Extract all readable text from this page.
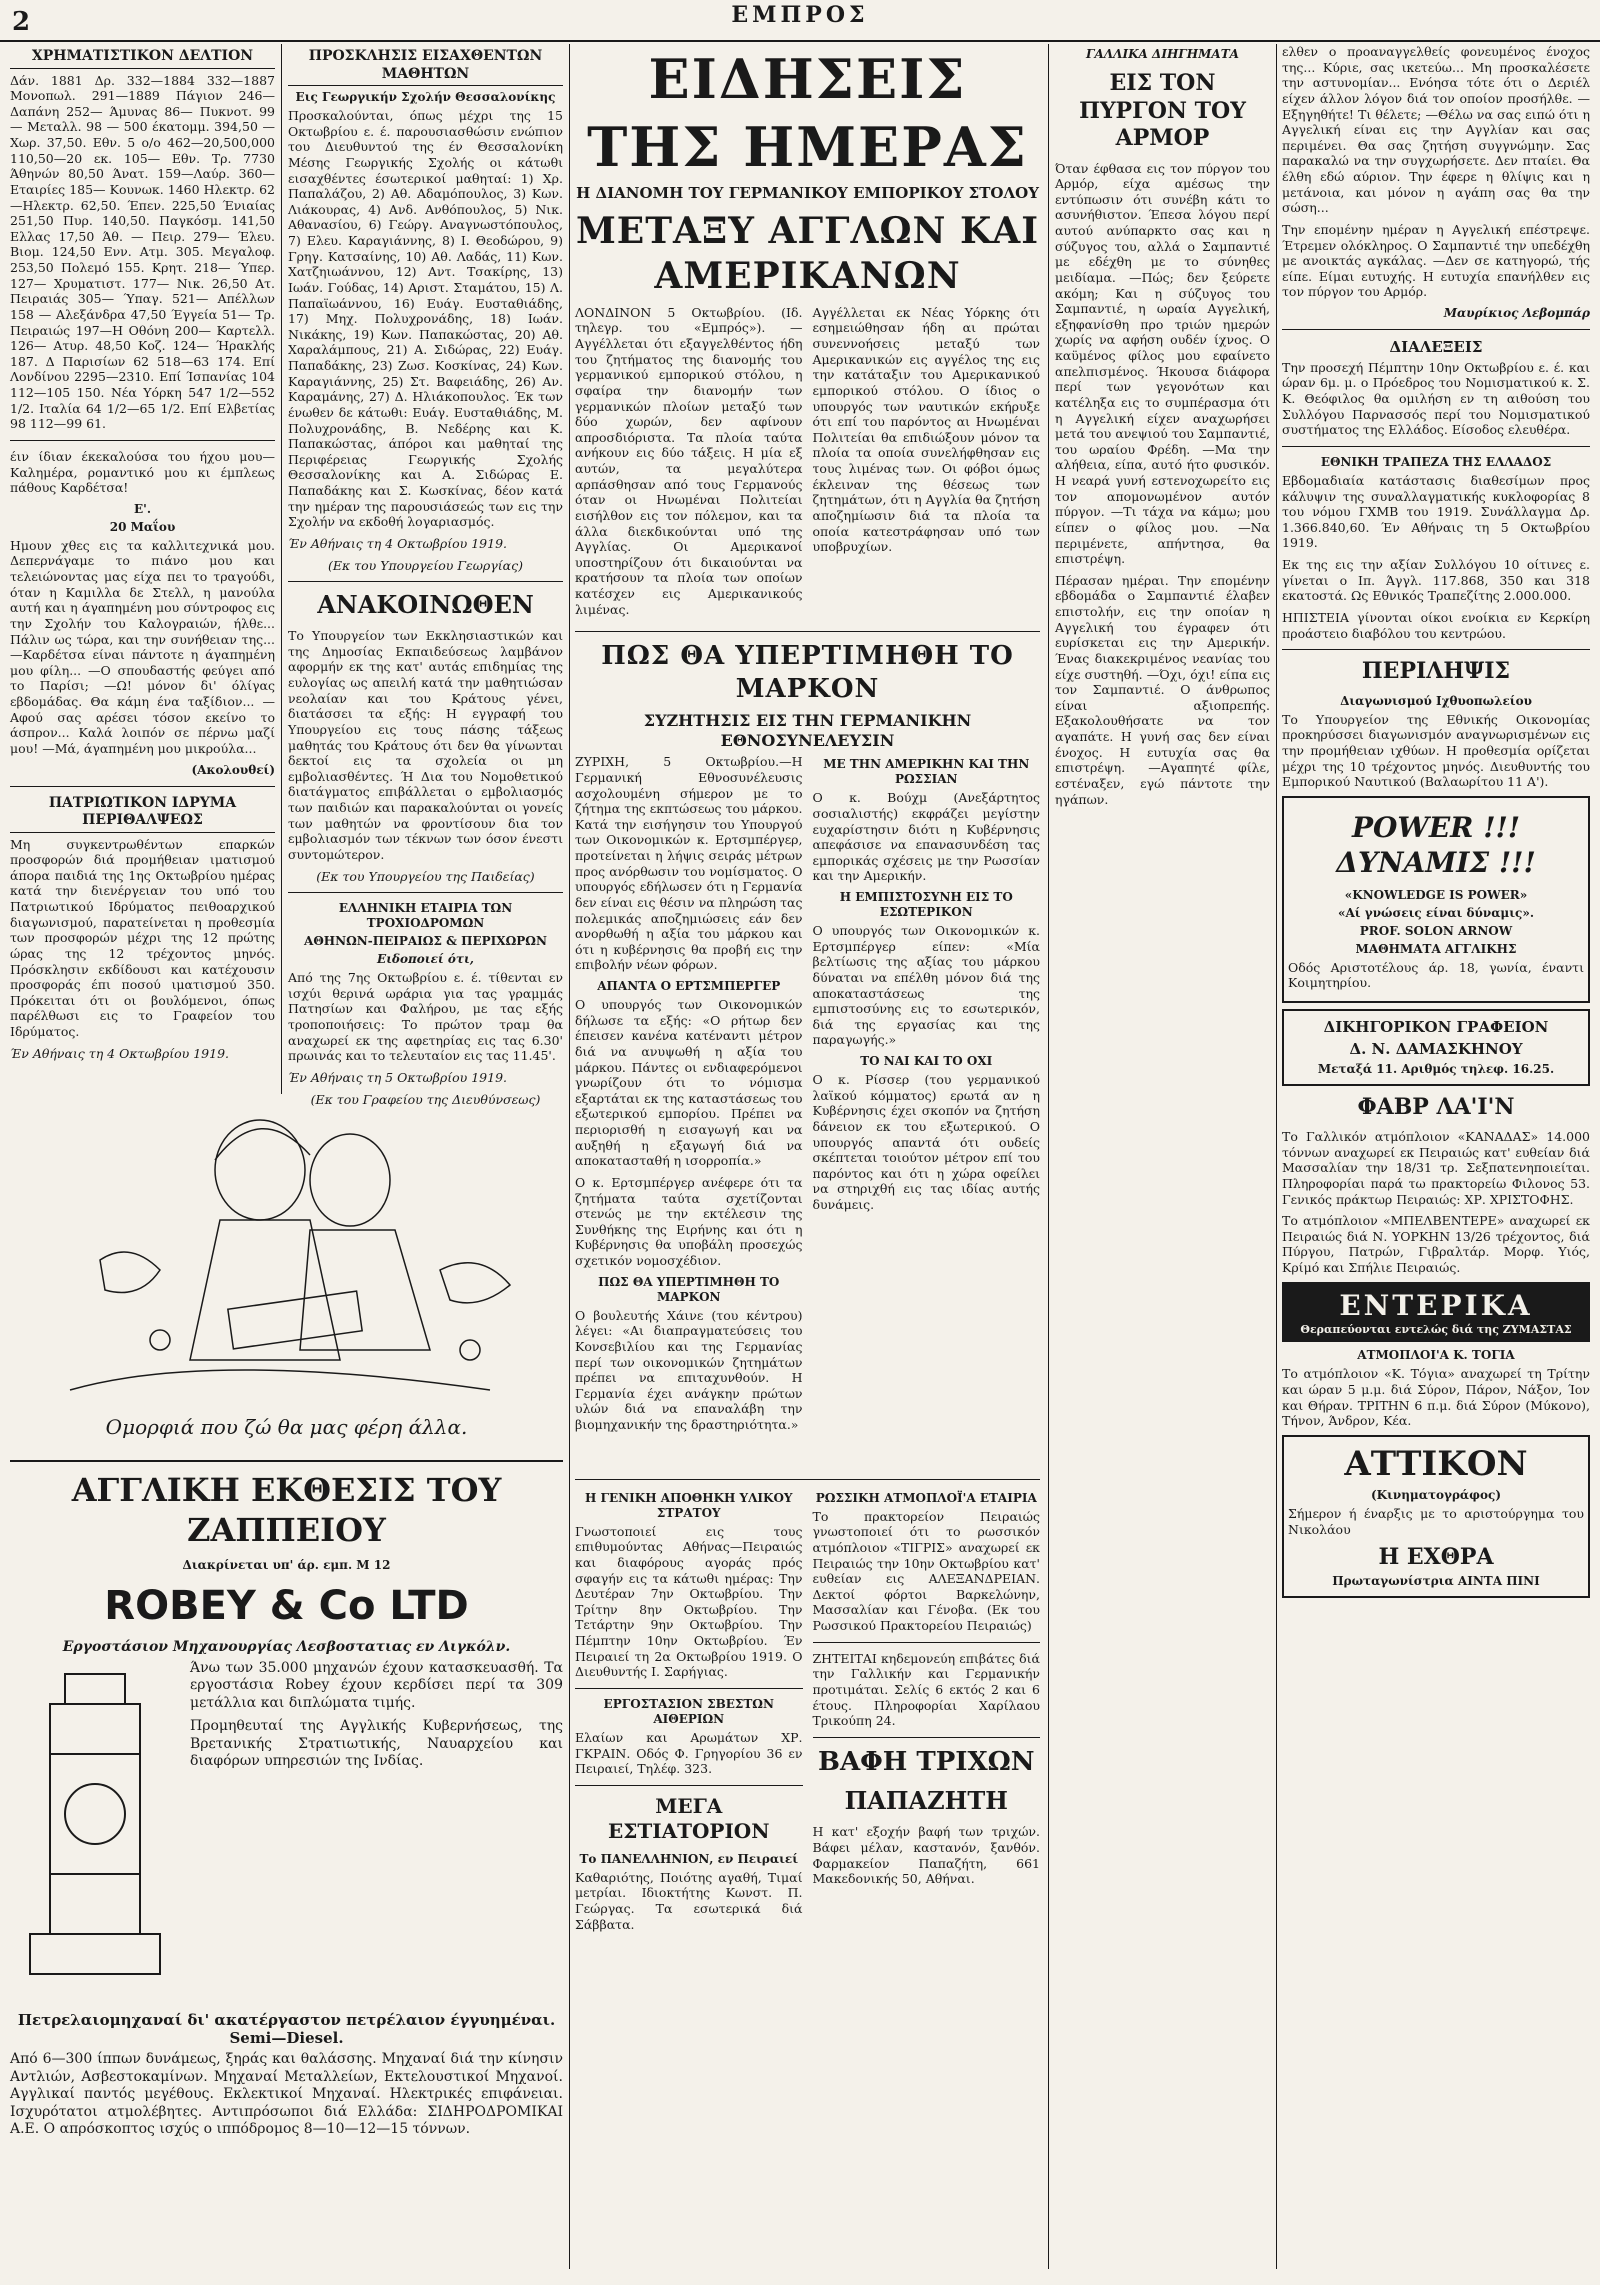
2	ΕΜΠΡΟΣ
ΧΡΗΜΑΤΙΣΤΙΚΟΝ ΔΕΛΤΙΟΝ

Δάν. 1881 Δρ. 332—1884 332—1887 Μονοπωλ. 291—1889 Πάγιον 246— Δαπάνη 252— Άμυνας 86— Πυκνοτ. 99 — Μεταλλ. 98 — 500 έκατομμ. 394,50 —Χωρ. 37,50. Εθν. 5 ο/ο 462—20,500,000 110,50—20 εκ. 105— Εθν. Τρ. 7730 Άθηνών 80,50 Άνατ. 159—Λαύρ. 360— Εταιρίες 185— Κουνωκ. 1460 Ηλεκτρ. 62—Ηλεκτρ. 62,50. Έπεν. 225,50 Ένιαίας 251,50 Πυρ. 140,50. Παγκόσμ. 141,50 Ελλας 17,50 Άθ. — Πειρ. 279— Έλευ. Βιομ. 124,50 Ενν. Ατμ. 305. Μεγαλοφ. 253,50 Πολεμό 155. Κρητ. 218— Ύπερ. 127— Χρυματιστ. 177— Νικ. 26,50 Ατ. Πειραιάς 305— Ύπαγ. 521— Απέλλων 158 — Αλεξάνδρα 47,50 Έγγεία 51— Τρ. Πειραιώς 197—Η Οθόνη 200— Καρτελλ. 126— Ατυρ. 48,50 Κοζ. 124— Ήρακλής 187. Δ Παρισίων 62 518—63 174. Επί Λονδίνου 2295—2310. Επί Ίσπανίας 104 112—105 150. Νέα Υόρκη 547 1/2—552 1/2. Ιταλία 64 1/2—65 1/2. Επί Ελβετίας 98 112—99 61.

έιν ίδιαν έκεκαλούσα του ήχου μου—Καλημέρα, ρομαντικό μου κι έμπλεως πάθους Καρδέτσα!

Ε'.
20 Μαΐου

Ημουν χθες εις τα καλλιτεχνικά μου. Δεπερνάγαμε το πιάνο μου και τελειώνοντας μας είχα πει το τραγούδι, όταν η Καμιλλα δε Στελλ, η μανούλα αυτή και η άγαπημένη μου σύντροφος εις την Σχολήν του Καλογραιών, ήλθε... Πάλιν ως τώρα, και την συνήθειαν της... —Καρδέτσα είναι πάντοτε η άγαπημένη μου φίλη... —Ο σπουδαστής φεύγει από το Παρίσι; —Ω! μόνον δι' όλίγας εβδομάδας. Θα κάμη ένα ταξίδιον... —Αφού σας αρέσει τόσον εκείνο το άσπρον... Καλά λοιπόν σε πέρνω μαζί μου! —Μά, άγαπημένη μου μικρούλα...

(Ακολουθεί)
ΠΑΤΡΙΩΤΙΚΟΝ ΙΔΡΥΜΑ ΠΕΡΙΘΑΛΨΕΩΣ

Μη συγκεντρωθέντων επαρκών προσφορών διά προμήθειαν ιματισμού άπορα παιδιά της 1ης Οκτωβρίου ημέρας κατά την διενέργειαν του υπό του Πατριωτικού Ιδρύματος πειθοαρχικού διαγωνισμού, παρατείνεται η προθεσμία των προσφορών μέχρι της 12 πρώτης ώρας της 12 τρέχοντος μηνός. Πρόσκλησιν εκδίδουσι και κατέχουσιν προσφοράς έπι ποσού ιματισμού 350. Πρόκειται ότι οι βουλόμενοι, όπως παρέλθωσι εις το Γραφείον του Ιδρύματος.

Έν Αθήναις τη 4 Οκτωβρίου 1919.

ΠΡΟΣΚΛΗΣΙΣ ΕΙΣΑΧΘΕΝΤΩΝ ΜΑΘΗΤΩΝ
Εις Γεωργικήν Σχολήν Θεσσαλονίκης

Προσκαλούνται, όπως μέχρι της 15 Οκτωβρίου ε. έ. παρουσιασθώσιν ενώπιον του Διευθυντού της έν Θεσσαλονίκη Μέσης Γεωργικής Σχολής οι κάτωθι εισαχθέντες έσωτερικοί μαθηταί: 1) Χρ. Παπαλάζου, 2) Αθ. Αδαμόπουλος, 3) Κων. Λιάκουρας, 4) Ανδ. Ανθόπουλος, 5) Νικ. Αθανασίου, 6) Γεώργ. Αναγνωστόπουλος, 7) Ελευ. Καραγιάννης, 8) Ι. Θεοδώρου, 9) Γρηγ. Κατσαίνης, 10) Αθ. Λαδάς, 11) Κων. Χατζηιωάννου, 12) Αντ. Τσακίρης, 13) Ιωάν. Γούδας, 14) Αριστ. Σταμάτου, 15) Λ. Παπαϊωάννου, 16) Ευάγ. Ευσταθιάδης, 17) Μηχ. Πολυχρονάδης, 18) Ιωάν. Νικάκης, 19) Κων. Παπακώστας, 20) Αθ. Χαραλάμπους, 21) Α. Σιδώρας, 22) Ευάγ. Παπαδάκης, 23) Ζωσ. Κοσκίνας, 24) Κων. Καραγιάννης, 25) Στ. Βαφειάδης, 26) Αν. Καραμάνης, 27) Δ. Ηλιάκοπουλος. Έκ των ένωθεν δε κάτωθι: Ευάγ. Ευσταθιάδης, Μ. Πολυχρονάδης, Β. Νεδέρης και Κ. Παπακώστας, άπόροι και μαθηταί της Περιφέρειας Γεωργικής Σχολής Θεσσαλονίκης και Α. Σιδώρας Ε. Παπαδάκης και Σ. Κωσκίνας, δέον κατά την ημέραν της παρουσιάσεώς των εις την Σχολήν να εκδοθή λογαριασμός.

Έν Αθήναις τη 4 Οκτωβρίου 1919.

(Εκ του Υπουργείου Γεωργίας)

ΑΝΑΚΟΙΝΩΘΕΝ

Το Υπουργείον των Εκκλησιαστικών και της Δημοσίας Εκπαιδεύσεως λαμβάνον αφορμήν εκ της κατ' αυτάς επιδημίας της ευλογίας ως απειλή κατά την μαθητιώσαν νεολαίαν και του Κράτους γένει, διατάσσει τα εξής: Η εγγραφή του Υπουργείου εις τους πάσης τάξεως μαθητάς του Κράτους ότι δεν θα γίνωνται δεκτοί εις τα σχολεία οι μη εμβολιασθέντες. Ή Δια του Νομοθετικού διατάγματος επιβάλλεται ο εμβολιασμός των παιδιών και παρακαλούνται οι γονείς των μαθητών να φροντίσουν δια τον εμβολιασμόν των τέκνων των όσον ένεστι συντομώτερον.

(Εκ του Υπουργείου της Παιδείας)

ΕΛΛΗΝΙΚΗ ΕΤΑΙΡΙΑ ΤΩΝ ΤΡΟΧΙΟΔΡΟΜΩΝ
ΑΘΗΝΩΝ-ΠΕΙΡΑΙΩΣ & ΠΕΡΙΧΩΡΩΝ
Ειδοποιεί ότι,

Από της 7ης Οκτωβρίου ε. έ. τίθενται εν ισχύι θερινά ωράρια για τας γραμμάς Πατησίων και Φαλήρου, με τας εξής τροποποιήσεις: Το πρώτον τραμ θα αναχωρεί εκ της αφετηρίας εις τας 6.30' πρωινάς και το τελευταίον εις τας 11.45'.

Έν Αθήναις τη 5 Οκτωβρίου 1919.

(Εκ του Γραφείου της Διευθύνσεως)

Ομορφιά που ζώ θα μας φέρη άλλα.
ΑΓΓΛΙΚΗ ΕΚΘΕΣΙΣ ΤΟΥ ΖΑΠΠΕΙΟΥ
Διακρίνεται υπ' άρ. εμπ. Μ 12
ROBEY & Co LTD
Εργοστάσιον Μηχανουργίας Λεσβοστατιας εν Λιγκόλν.

Άνω των 35.000 μηχανών έχουν κατασκευασθή. Τα εργοστάσια Robey έχουν κερδίσει περί τα 309 μετάλλια και διπλώματα τιμής.

Προμηθευταί της Αγγλικής Κυβερνήσεως, της Βρετανικής Στρατιωτικής, Ναυαρχείου και διαφόρων υπηρεσιών της Ινδίας.

Πετρελαιομηχαναί δι' ακατέργαστον πετρέλαιον έγγυημέναι. Semi—Diesel.

Από 6—300 ίππων δυνάμεως, ξηράς και θαλάσσης. Μηχαναί διά την κίνησιν Αντλιών, Ασβεστοκαμίνων. Μηχαναί Μεταλλείων, Εκτελουστικοί Μηχανοί. Αγγλικαί παντός μεγέθους. Εκλεκτικοί Μηχαναί. Ηλεκτρικές επιφάνειαι. Ισχυρότατοι ατμολέβητες. Αντιπρόσωποι διά Ελλάδα: ΣΙΔΗΡΟΔΡΟΜΙΚΑΙ Α.Ε. Ο απρόσκοπτος ισχύς ο ιππόδρομος 8—10—12—15 τόννων.

ΕΙΔΗΣΕΙΣ ΤΗΣ ΗΜΕΡΑΣ
Η ΔΙΑΝΟΜΗ ΤΟΥ ΓΕΡΜΑΝΙΚΟΥ ΕΜΠΟΡΙΚΟΥ ΣΤΟΛΟΥ
ΜΕΤΑΞΥ ΑΓΓΛΩΝ ΚΑΙ ΑΜΕΡΙΚΑΝΩΝ

ΛΟΝΔΙΝΟΝ 5 Οκτωβρίου. (Ιδ. τηλεγρ. του «Εμπρός»). — Αγγέλλεται ότι εξαγγελθέντος ήδη του ζητήματος της διανομής του γερμανικού εμπορικού στόλου, η σφαίρα την διανομήν των γερμανικών πλοίων μεταξύ των δύο χωρών, δεν αφίνουν απροσδιόριστα. Τα πλοία ταύτα ανήκουν εις δύο τάξεις. Η μία εξ αυτών, τα μεγαλύτερα αρπάσθησαν από τους Γερμανούς όταν οι Ηνωμέναι Πολιτείαι εισήλθον εις τον πόλεμον, και τα άλλα διεκδικούνται υπό της Αγγλίας. Οι Αμερικανοί υποστηρίζουν ότι δικαιούνται να κρατήσουν τα πλοία των οποίων κατέσχεν εις Αμερικανικούς λιμένας.

Αγγέλλεται εκ Νέας Υόρκης ότι εσημειώθησαν ήδη αι πρώται συνεννοήσεις μεταξύ των Αμερικανικών εις αγγέλος της εις την κατάταξιν του Αμερικανικού εμπορικού στόλου. Ο ίδιος ο υπουργός των ναυτικών εκήρυξε ότι επί του παρόντος αι Ηνωμέναι Πολιτείαι θα επιδιώξουν μόνον τα πλοία τα οποία συνελήφθησαν εις τους λιμένας των. Οι φόβοι όμως έκλειναν της θέσεως των ζητημάτων, ότι η Αγγλία θα ζητήση αποζημίωσιν διά τα πλοία τα οποία κατεστράφησαν υπό των υποβρυχίων.

ΠΩΣ ΘΑ ΥΠΕΡΤΙΜΗΘΗ ΤΟ ΜΑΡΚΟΝ
ΣΥΖΗΤΗΣΙΣ ΕΙΣ ΤΗΝ ΓΕΡΜΑΝΙΚΗΝ ΕΘΝΟΣΥΝΕΛΕΥΣΙΝ

ΖΥΡΙΧΗ, 5 Οκτωβρίου.—Η Γερμανική Εθνοσυνέλευσις ασχολουμένη σήμερον με το ζήτημα της εκπτώσεως του μάρκου. Κατά την εισήγησιν του Υπουργού των Οικονομικών κ. Ερτσμπέργερ, προτείνεται η λήψις σειράς μέτρων προς ανόρθωσιν του νομίσματος. Ο υπουργός εδήλωσεν ότι η Γερμανία δεν είναι εις θέσιν να πληρώση τας πολεμικάς αποζημιώσεις εάν δεν ανορθωθή η αξία του μάρκου και ότι η κυβέρνησις θα προβή εις την επιβολήν νέων φόρων.

ΑΠΑΝΤΑ Ο ΕΡΤΣΜΠΕΡΓΕΡ

Ο υπουργός των Οικονομικών δήλωσε τα εξής: «Ο ρήτωρ δεν έπεισεν κανένα κατέναντι μέτρον διά να ανυψωθή η αξία του μάρκου. Πάντες οι ενδιαφερόμενοι γνωρίζουν ότι το νόμισμα εξαρτάται εκ της καταστάσεως του εξωτερικού εμπορίου. Πρέπει να περιορισθή η εισαγωγή και να αυξηθή η εξαγωγή διά να αποκατασταθή η ισορροπία.»

Ο κ. Ερτσμπέργερ ανέφερε ότι τα ζητήματα ταύτα σχετίζονται στενώς με την εκτέλεσιν της Συνθήκης της Ειρήνης και ότι η Κυβέρνησις θα υποβάλη προσεχώς σχετικόν νομοσχέδιον.

ΠΩΣ ΘΑ ΥΠΕΡΤΙΜΗΘΗ ΤΟ ΜΑΡΚΟΝ

Ο βουλευτής Χάινε (του κέντρου) λέγει: «Αι διαπραγματεύσεις του Κονσεβιλίου και της Γερμανίας περί των οικονομικών ζητημάτων πρέπει να επιταχυνθούν. Η Γερμανία έχει ανάγκην πρώτων υλών διά να επαναλάβη την βιομηχανικήν της δραστηριότητα.»

ΜΕ ΤΗΝ ΑΜΕΡΙΚΗΝ ΚΑΙ ΤΗΝ ΡΩΣΣΙΑΝ

Ο κ. Βούχμ (Ανεξάρτητος σοσιαλιστής) εκφράζει μεγίστην ευχαρίστησιν διότι η Κυβέρνησις απεφάσισε να επανασυνδέση τας εμπορικάς σχέσεις με την Ρωσσίαν και την Αμερικήν.

Η ΕΜΠΙΣΤΟΣΥΝΗ ΕΙΣ ΤΟ ΕΣΩΤΕΡΙΚΟΝ

Ο υπουργός των Οικονομικών κ. Ερτσμπέργερ είπεν: «Μία βελτίωσις της αξίας του μάρκου δύναται να επέλθη μόνον διά της αποκαταστάσεως της εμπιστοσύνης εις το εσωτερικόν, διά της εργασίας και της παραγωγής.»

ΤΟ ΝΑΙ ΚΑΙ ΤΟ ΟΧΙ

Ο κ. Ρίσσερ (του γερμανικού λαϊκού κόμματος) ερωτά αν η Κυβέρνησις έχει σκοπόν να ζητήση δάνειον εκ του εξωτερικού. Ο υπουργός απαντά ότι ουδείς σκέπτεται τοιούτον μέτρον επί του παρόντος και ότι η χώρα οφείλει να στηριχθή εις τας ιδίας αυτής δυνάμεις.

Η ΓΕΝΙΚΗ ΑΠΟΘΗΚΗ ΥΛΙΚΟΥ ΣΤΡΑΤΟΥ

Γνωστοποιεί εις τους επιθυμούντας Αθήνας—Πειραιώς και διαφόρους αγοράς πρός σφαγήν εις τα κάτωθι ημέρας: Την Δευτέραν 7ην Οκτωβρίου. Την Τρίτην 8ην Οκτωβρίου. Την Τετάρτην 9ην Οκτωβρίου. Την Πέμπτην 10ην Οκτωβρίου. Έν Πειραιεί τη 2α Οκτωβρίου 1919. Ο Διευθυντής Ι. Σαρήγιας.

ΕΡΓΟΣΤΑΣΙΟΝ ΣΒΕΣΤΩΝ ΑΙΘΕΡΙΩΝ

Ελαίων και Αρωμάτων ΧΡ. ΓΚΡΑΙΝ. Οδός Φ. Γρηγορίου 36 εν Πειραιεί, Τηλέφ. 323.

ΜΕΓΑ ΕΣΤΙΑΤΟΡΙΟΝ
Το ΠΑΝΕΛΛΗΝΙΟΝ, εν Πειραιεί

Καθαριότης, Ποιότης αγαθή, Τιμαί μετρίαι. Ιδιοκτήτης Κωνστ. Π. Γεώργας. Τα εσωτερικά διά Σάββατα.

ΡΩΣΣΙΚΗ ΑΤΜΟΠΛΟΪ'Α ΕΤΑΙΡΙΑ

Το πρακτορείον Πειραιώς γνωστοποιεί ότι το ρωσσικόν ατμόπλοιον «ΤΙΓΡΙΣ» αναχωρεί εκ Πειραιώς την 10ην Οκτωβρίου κατ' ευθείαν εις ΑΛΕΞΑΝΔΡΕΙΑΝ. Δεκτοί φόρτοι Βαρκελώνην, Μασσαλίαν και Γένοβα. (Εκ του Ρωσσικού Πρακτορείου Πειραιώς)

ΖΗΤΕΙΤΑΙ κηδεμονεύη επιβάτες διά την Γαλλικήν και Γερμανικήν προτιμάται. Σελίς 6 εκτός 2 και 6 έτους. Πληροφορίαι Χαρίλαου Τρικούπη 24.

ΒΑΦΗ ΤΡΙΧΩΝ
ΠΑΠΑΖΗΤΗ

Η κατ' εξοχήν βαφή των τριχών. Βάφει μέλαν, καστανόν, ξανθόν. Φαρμακείον Παπαζήτη, 661 Μακεδονικής 50, Αθήναι.

ΓΑΛΛΙΚΑ ΔΙΗΓΗΜΑΤΑ
ΕΙΣ ΤΟΝ ΠΥΡΓΟΝ ΤΟΥ ΑΡΜΟΡ

Όταν έφθασα εις τον πύργον του Αρμόρ, είχα αμέσως την εντύπωσιν ότι συνέβη κάτι το ασυνήθιστον. Έπεσα λόγου περί αυτού ανύπαρκτο σας και η σύζυγος του, αλλά ο Σαμπαντιέ με εδέχθη με το σύνηθες μειδίαμα. —Πώς; δεν ξεύρετε ακόμη; Και η σύζυγος του Σαμπαντιέ, η ωραία Αγγελική, εξηφανίσθη προ τριών ημερών χωρίς να αφήση ουδέν ίχνος. Ο καϋμένος φίλος μου εφαίνετο απελπισμένος. Ήκουσα διάφορα περί των γεγονότων και κατέληξα εις το συμπέρασμα ότι η Αγγελική είχεν αναχωρήσει μετά του ανεψιού του Σαμπαντιέ, του ωραίου Φρέδη. —Μα την αλήθεια, είπα, αυτό ήτο φυσικόν. Η νεαρά γυνή εστενοχωρείτο εις τον απομονωμένον αυτόν πύργον. —Τι τάχα να κάμω; μου είπεν ο φίλος μου. —Να περιμένετε, απήντησα, θα επιστρέψη.

Πέρασαν ημέραι. Την επομένην εβδομάδα ο Σαμπαντιέ έλαβεν επιστολήν, εις την οποίαν η Αγγελική του έγραφεν ότι ευρίσκεται εις την Αμερικήν. Ένας διακεκριμένος νεανίας του είχε συστηθή. —Όχι, όχι! είπα εις τον Σαμπαντιέ. Ο άνθρωπος είναι αξιοπρεπής. Εξακολουθήσατε να τον αγαπάτε. Η γυνή σας δεν είναι ένοχος. Η ευτυχία σας θα επιστρέψη. —Αγαπητέ φίλε, εστέναξεν, εγώ πάντοτε την ηγάπων.

ελθεν ο προαναγγελθείς φονευμένος ένοχος της... Κύριε, σας ικετεύω... Μη προσκαλέσετε την αστυνομίαν... Ενόησα τότε ότι ο Δεριέλ είχεν άλλον λόγον διά τον οποίον προσήλθε. —Εξηγηθήτε! Τι θέλετε; —Θέλω να σας ειπώ ότι η Αγγελική είναι εις την Αγγλίαν και σας περιμένει. Θα σας ζητήση συγγνώμην. Σας παρακαλώ να την συγχωρήσετε. Δεν πταίει. Θα έλθη εδώ αύριον. Την έφερε η θλίψις και η μετάνοια, και μόνον η αγάπη σας θα την σώση...

Την επομένην ημέραν η Αγγελική επέστρεψε. Έτρεμεν ολόκληρος. Ο Σαμπαντιέ την υπεδέχθη με ανοικτάς αγκάλας. —Δεν σε κατηγορώ, τής είπε. Είμαι ευτυχής. Η ευτυχία επανήλθεν εις τον πύργον του Αρμόρ.

Μαυρίκιος Λεβομπάρ
ΔΙΑΛΕΞΕΙΣ

Την προσεχή Πέμπτην 10ην Οκτωβρίου ε. έ. και ώραν 6μ. μ. ο Πρόεδρος του Νομισματικού κ. Σ. Κ. Θεόφιλος θα ομιλήση εν τη αιθούση του Συλλόγου Παρνασσός περί του Νομισματικού συστήματος της Ελλάδος. Είσοδος ελευθέρα.

ΕΘΝΙΚΗ ΤΡΑΠΕΖΑ ΤΗΣ ΕΛΛΑΔΟΣ

Εβδομαδιαία κατάστασις διαθεσίμων προς κάλυψιν της συναλλαγματικής κυκλοφορίας 8 του νόμου ΓΧΜΒ του 1919. Συνάλλαγμα Δρ. 1.366.840,60. Έν Αθήναις τη 5 Οκτωβρίου 1919.

Εκ της εις την αξίαν Συλλόγου 10 οίτινες ε. γίνεται ο Ιπ. Άγγλ. 117.868, 350 και 318 εκατοστά. Ως Εθνικός Τραπεζίτης 2.000.000.

ΗΠΙΣΤΕΙΑ γίνονται οίκοι ενοίκια εν Κερκίρη προάστειο διαβόλου του κεντρώου.

ΠΕΡΙΛΗΨΙΣ
Διαγωνισμού Ιχθυοπωλείου

Το Υπουργείον της Εθνικής Οικονομίας προκηρύσσει διαγωνισμόν αναγνωρισμένων εις την προμήθειαν ιχθύων. Η προθεσμία ορίζεται μέχρι της 10 τρέχοντος μηνός. Διευθυντής του Εμπορικού Ναυτικού (Βαλαωρίτου 11 Α').

POWER !!! ΔΥΝΑΜΙΣ !!!
«KNOWLEDGE IS POWER»
«Αί γνώσεις είναι δύναμις».
PROF. SOLON ARNOW
ΜΑΘΗΜΑΤΑ ΑΓΓΛΙΚΗΣ

Οδός Αριστοτέλους άρ. 18, γωνία, έναντι Κοιμητηρίου.

ΔΙΚΗΓΟΡΙΚΟΝ ΓΡΑΦΕΙΟΝ
Δ. Ν. ΔΑΜΑΣΚΗΝΟΥ
Μεταξά 11. Αριθμός τηλεφ. 16.25.
ΦΑΒΡ ΛΑ'Ι'Ν

Το Γαλλικόν ατμόπλοιον «ΚΑΝΑΔΑΣ» 14.000 τόννων αναχωρεί εκ Πειραιώς κατ' ευθείαν διά Μασσαλίαν την 18/31 τρ. Σεξπατενηποιείται. Πληροφορίαι παρά τω πρακτορείω Φιλονος 53. Γενικός πράκτωρ Πειραιώς: ΧΡ. ΧΡΙΣΤΟΦΗΣ.

Το ατμόπλοιον «ΜΠΕΛΒΕΝΤΕΡΕ» αναχωρεί εκ Πειραιώς διά Ν. ΥΟΡΚΗΝ 13/26 τρέχοντος, διά Πύργου, Πατρών, Γιβραλτάρ. Μορφ. Υιός, Κρίμό και Σπήλιε Πειραιώς.

ΕΝΤΕΡΙΚΑ
Θεραπεύονται εντελώς διά της ΖΥΜΑΣΤΑΣ
ΑΤΜΟΠΛΟΙ'Α Κ. ΤΟΓΙΑ

Το ατμόπλοιον «Κ. Τόγια» αναχωρεί τη Τρίτην και ώραν 5 μ.μ. διά Σύρον, Πάρον, Νάξον, Ίον και Θήραν. ΤΡΙΤΗΝ 6 π.μ. διά Σύρον (Μύκονο), Τήνον, Άνδρον, Κέα.

ΑΤΤΙΚΟΝ
(Κινηματογράφος)

Σήμερον ή έναρξις με το αριστούργημα του Νικολάου

Η ΕΧΘΡΑ
Πρωταγωνίστρια ΑΙΝΤΑ ΠΙΝΙ
